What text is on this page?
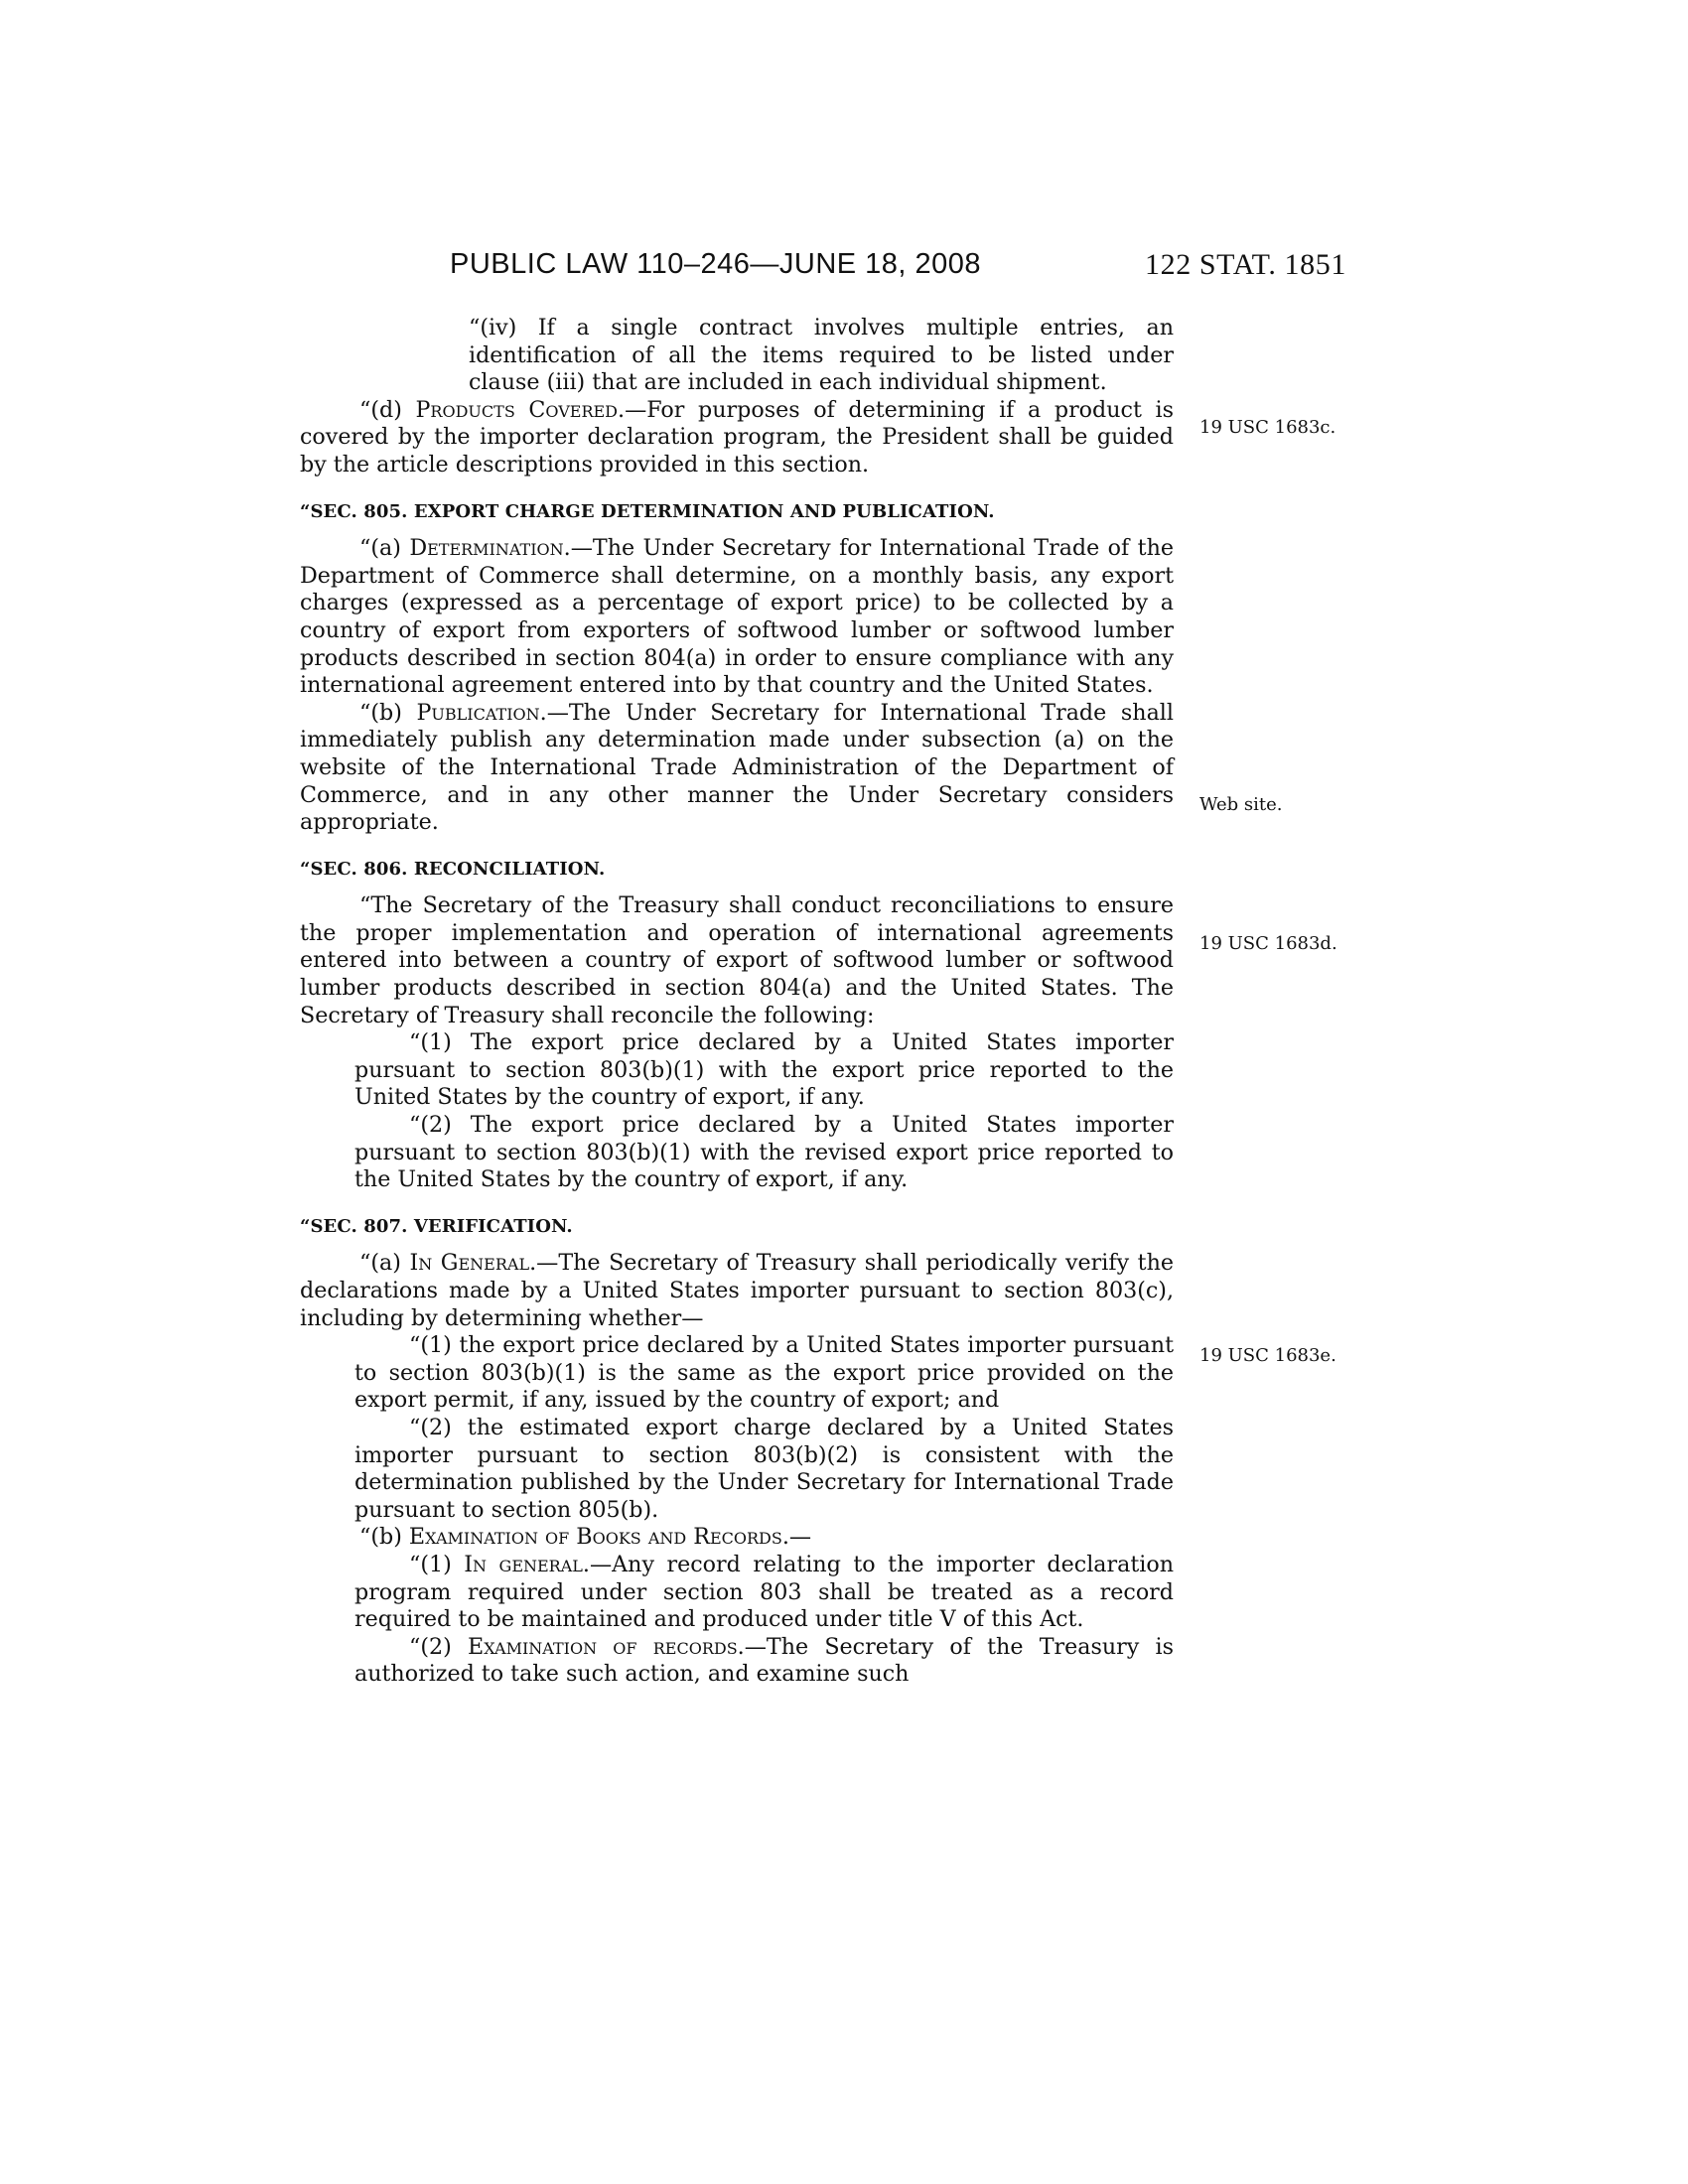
PUBLIC LAW 110–246—JUNE 18, 2008	122 STAT. 1851
19 USC 1683c.
Web site.
19 USC 1683d.
19 USC 1683e.

“(iv) If a single contract involves multiple entries, an identification of all the items required to be listed under clause (iii) that are included in each individual shipment.

“(d) Products Covered.—For purposes of determining if a product is covered by the importer declaration program, the President shall be guided by the article descriptions provided in this section.

“SEC. 805. EXPORT CHARGE DETERMINATION AND PUBLICATION.

“(a) Determination.—The Under Secretary for International Trade of the Department of Commerce shall determine, on a monthly basis, any export charges (expressed as a percentage of export price) to be collected by a country of export from exporters of softwood lumber or softwood lumber products described in section 804(a) in order to ensure compliance with any international agreement entered into by that country and the United States.

“(b) Publication.—The Under Secretary for International Trade shall immediately publish any determination made under subsection (a) on the website of the International Trade Administration of the Department of Commerce, and in any other manner the Under Secretary considers appropriate.

“SEC. 806. RECONCILIATION.

“The Secretary of the Treasury shall conduct reconciliations to ensure the proper implementation and operation of international agreements entered into between a country of export of softwood lumber or softwood lumber products described in section 804(a) and the United States. The Secretary of Treasury shall reconcile the following:

“(1) The export price declared by a United States importer pursuant to section 803(b)(1) with the export price reported to the United States by the country of export, if any.

“(2) The export price declared by a United States importer pursuant to section 803(b)(1) with the revised export price reported to the United States by the country of export, if any.

“SEC. 807. VERIFICATION.

“(a) In General.—The Secretary of Treasury shall periodically verify the declarations made by a United States importer pursuant to section 803(c), including by determining whether—

“(1) the export price declared by a United States importer pursuant to section 803(b)(1) is the same as the export price provided on the export permit, if any, issued by the country of export; and

“(2) the estimated export charge declared by a United States importer pursuant to section 803(b)(2) is consistent with the determination published by the Under Secretary for International Trade pursuant to section 805(b).

“(b) Examination of Books and Records.—

“(1) In general.—Any record relating to the importer declaration program required under section 803 shall be treated as a record required to be maintained and produced under title V of this Act.

“(2) Examination of records.—The Secretary of the Treasury is authorized to take such action, and examine such
